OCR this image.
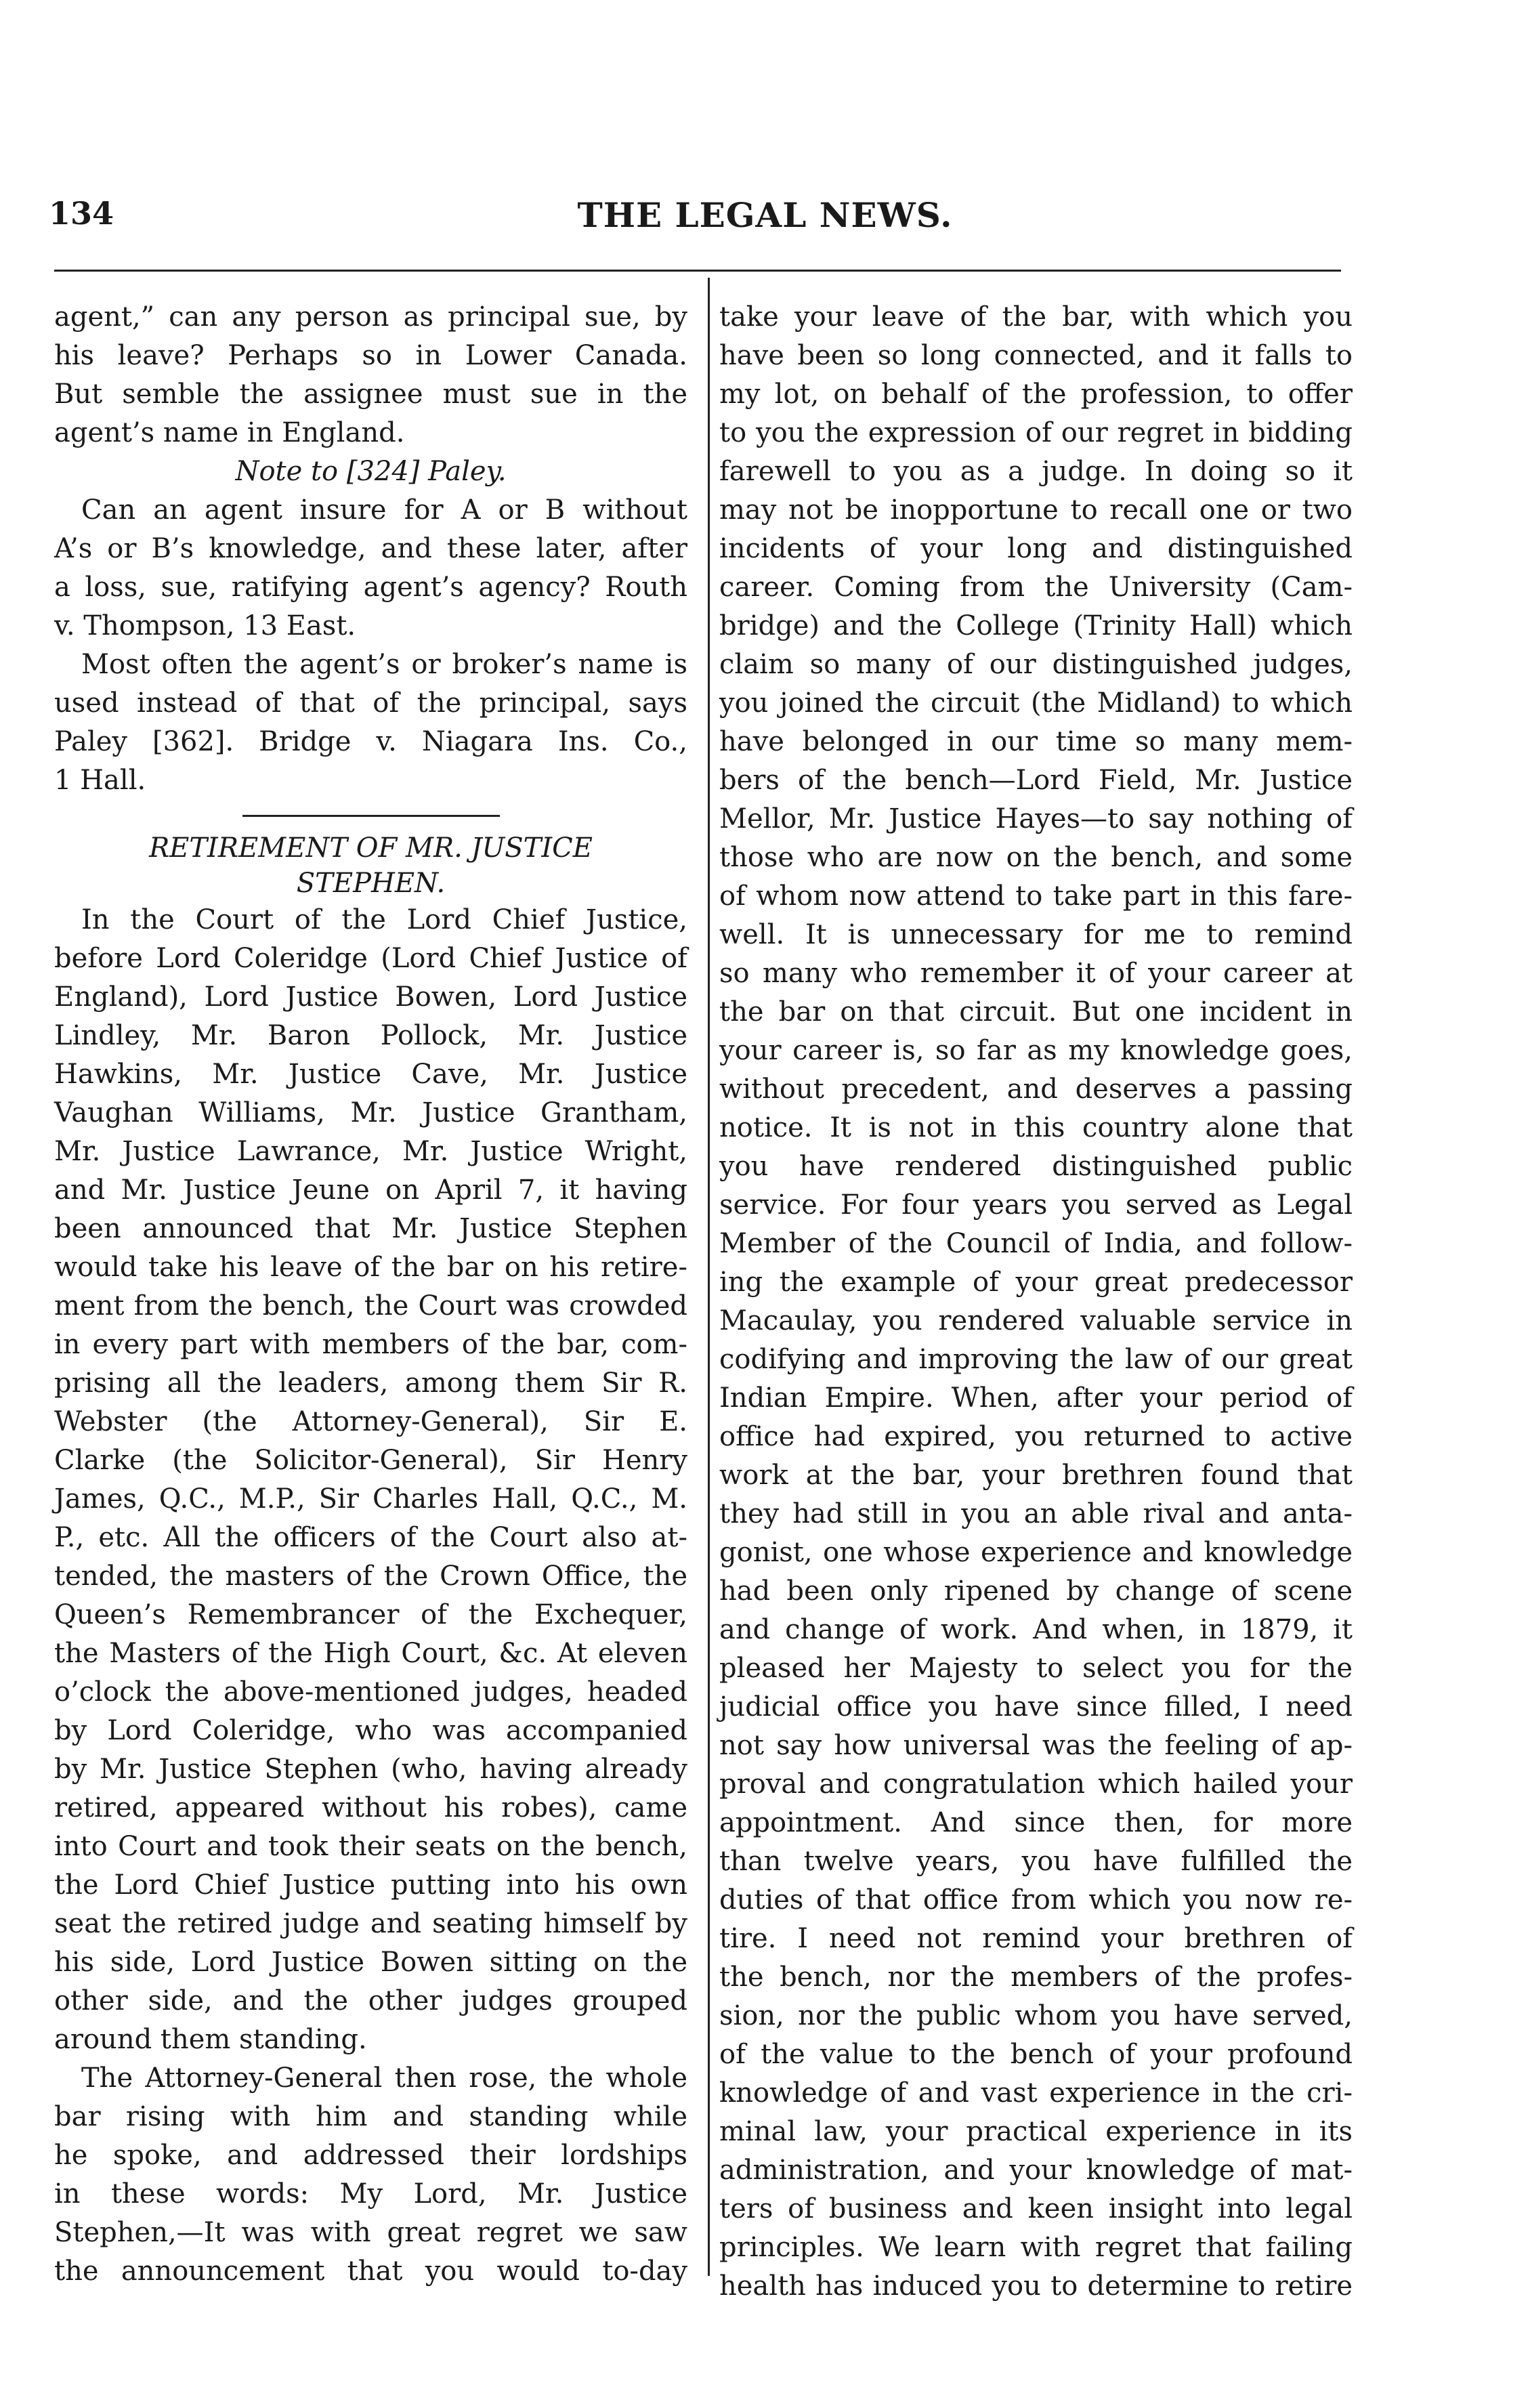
134	THE LEGAL NEWS.
agent,” can any person as principal sue, by
his leave? Perhaps so in Lower Canada.
But semble the assignee must sue in the
agent’s name in England.
Note to [324] Paley.
Can an agent insure for A or B without
A’s or B’s knowledge, and these later, after
a loss, sue, ratifying agent’s agency? Routh
v. Thompson, 13 East.
Most often the agent’s or broker’s name is
used instead of that of the principal, says
Paley [362]. Bridge v. Niagara Ins. Co.,
1 Hall.
RETIREMENT OF MR. JUSTICE
STEPHEN.
In the Court of the Lord Chief Justice,
before Lord Coleridge (Lord Chief Justice of
England), Lord Justice Bowen, Lord Justice
Lindley, Mr. Baron Pollock, Mr. Justice
Hawkins, Mr. Justice Cave, Mr. Justice
Vaughan Williams, Mr. Justice Grantham,
Mr. Justice Lawrance, Mr. Justice Wright,
and Mr. Justice Jeune on April 7, it having
been announced that Mr. Justice Stephen
would take his leave of the bar on his retire-
ment from the bench, the Court was crowded
in every part with members of the bar, com-
prising all the leaders, among them Sir R.
Webster (the Attorney-General), Sir E.
Clarke (the Solicitor-General), Sir Henry
James, Q.C., M.P., Sir Charles Hall, Q.C., M.
P., etc. All the officers of the Court also at-
tended, the masters of the Crown Office, the
Queen’s Remembrancer of the Exchequer,
the Masters of the High Court, &c. At eleven
o’clock the above-mentioned judges, headed
by Lord Coleridge, who was accompanied
by Mr. Justice Stephen (who, having already
retired, appeared without his robes), came
into Court and took their seats on the bench,
the Lord Chief Justice putting into his own
seat the retired judge and seating himself by
his side, Lord Justice Bowen sitting on the
other side, and the other judges grouped
around them standing.
The Attorney-General then rose, the whole
bar rising with him and standing while
he spoke, and addressed their lordships
in these words: My Lord, Mr. Justice
Stephen,—It was with great regret we saw
the announcement that you would to-day
take your leave of the bar, with which you
have been so long connected, and it falls to
my lot, on behalf of the profession, to offer
to you the expression of our regret in bidding
farewell to you as a judge. In doing so it
may not be inopportune to recall one or two
incidents of your long and distinguished
career. Coming from the University (Cam-
bridge) and the College (Trinity Hall) which
claim so many of our distinguished judges,
you joined the circuit (the Midland) to which
have belonged in our time so many mem-
bers of the bench—Lord Field, Mr. Justice
Mellor, Mr. Justice Hayes—to say nothing of
those who are now on the bench, and some
of whom now attend to take part in this fare-
well. It is unnecessary for me to remind
so many who remember it of your career at
the bar on that circuit. But one incident in
your career is, so far as my knowledge goes,
without precedent, and deserves a passing
notice. It is not in this country alone that
you have rendered distinguished public
service. For four years you served as Legal
Member of the Council of India, and follow-
ing the example of your great predecessor
Macaulay, you rendered valuable service in
codifying and improving the law of our great
Indian Empire. When, after your period of
office had expired, you returned to active
work at the bar, your brethren found that
they had still in you an able rival and anta-
gonist, one whose experience and knowledge
had been only ripened by change of scene
and change of work. And when, in 1879, it
pleased her Majesty to select you for the
judicial office you have since filled, I need
not say how universal was the feeling of ap-
proval and congratulation which hailed your
appointment. And since then, for more
than twelve years, you have fulfilled the
duties of that office from which you now re-
tire. I need not remind your brethren of
the bench, nor the members of the profes-
sion, nor the public whom you have served,
of the value to the bench of your profound
knowledge of and vast experience in the cri-
minal law, your practical experience in its
administration, and your knowledge of mat-
ters of business and keen insight into legal
principles. We learn with regret that failing
health has induced you to determine to retire
